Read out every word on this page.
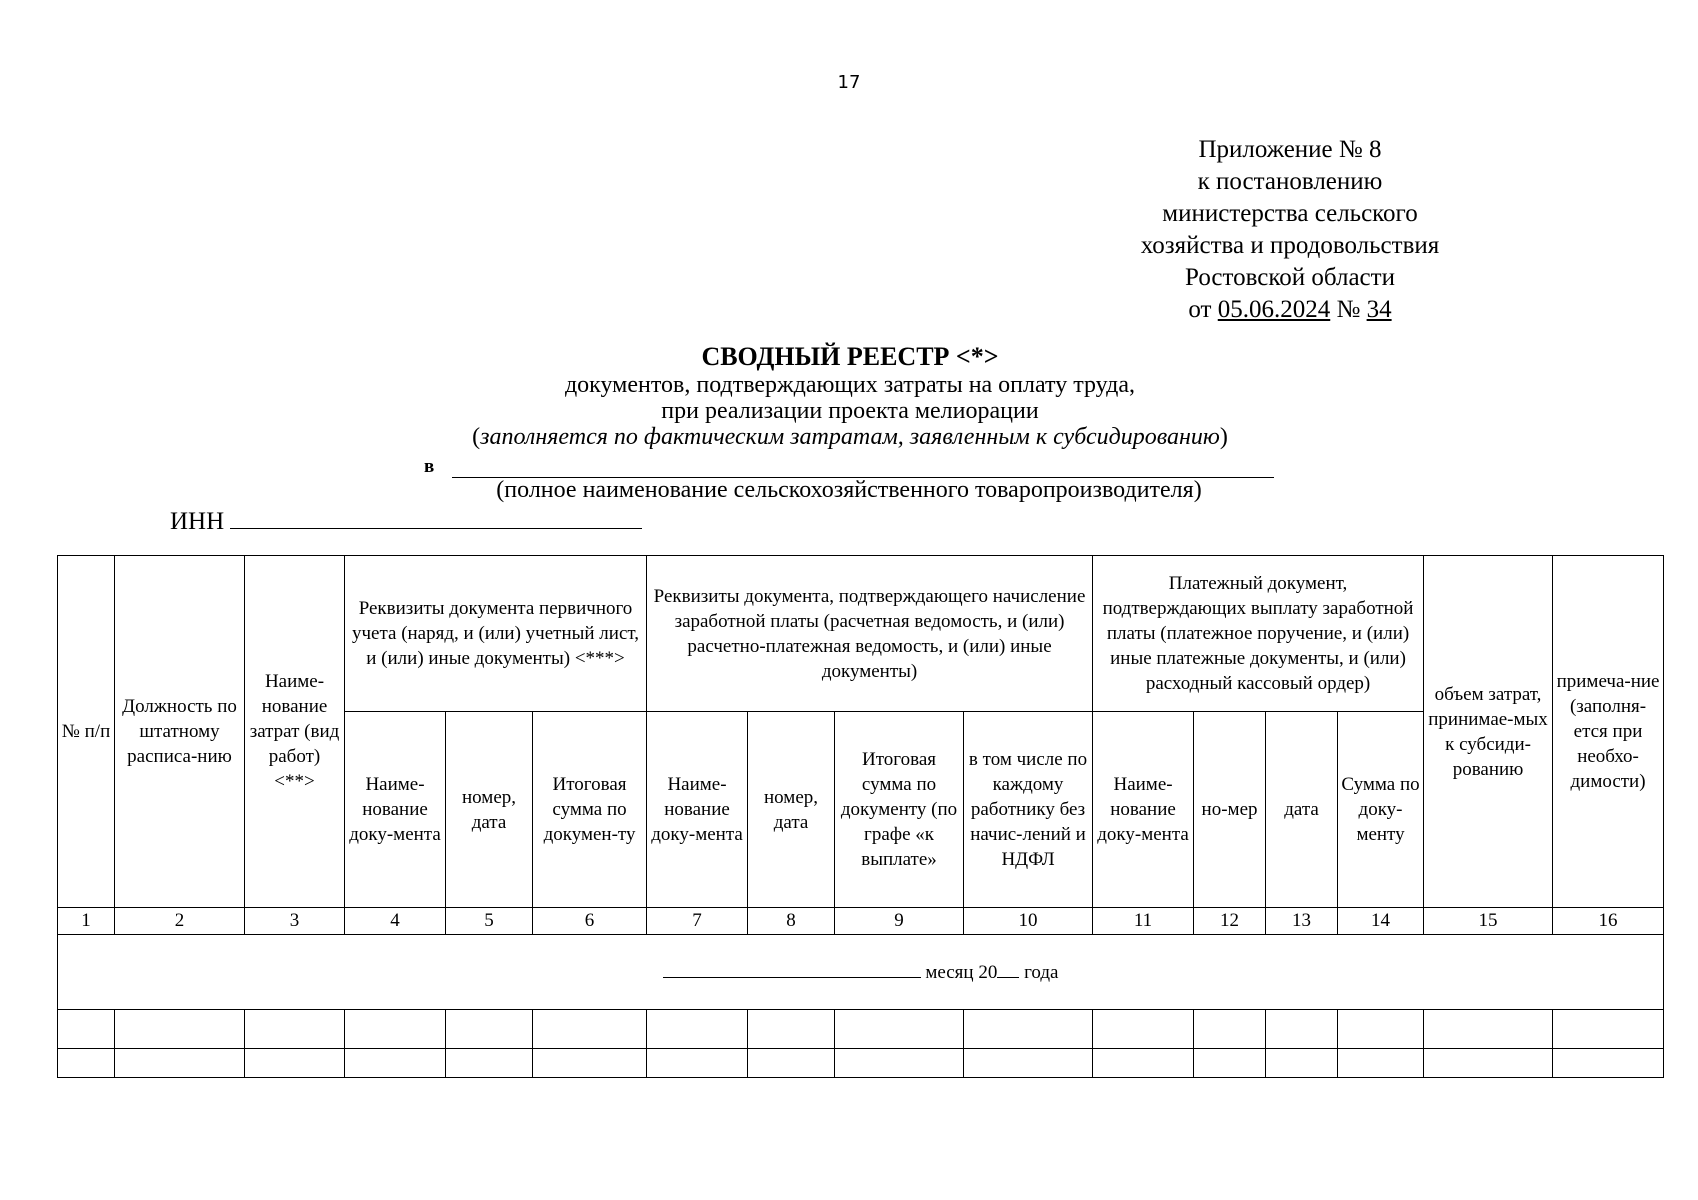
17
Приложение № 8
к постановлению
министерства сельского
хозяйства и продовольствия
Ростовской области
от 05.06.2024 № 34
СВОДНЫЙ РЕЕСТР <*>
документов, подтверждающих затраты на оплату труда,
при реализации проекта мелиорации
(заполняется по фактическим затратам, заявленным к субсидированию)
в
(полное наименование сельскохозяйственного товаропроизводителя)
ИНН
№ п/п	Должность по штатному расписа-нию	Наиме-нование затрат (вид работ) <**>	Реквизиты документа первичного учета (наряд, и (или) учетный лист, и (или) иные документы) <***>			Реквизиты документа, подтверждающего начисление заработной платы (расчетная ведомость, и (или) расчетно-платежная ведомость, и (или) иные документы)				Платежный документ, подтверждающих выплату заработной платы (платежное поручение, и (или) иные платежные документы, и (или) расходный кассовый ордер)				объем затрат, принимае-мых к субсиди-рованию	примеча-ние (заполня-ется при необхо-димости)
			Наиме-нование доку-мента	номер, дата	Итоговая сумма по докумен-ту	Наиме-нование доку-мента	номер, дата	Итоговая сумма по документу (по графе «к выплате»	в том числе по каждому работнику без начис-лений и НДФЛ	Наиме-нование доку-мента	но-мер	дата	Сумма по доку-менту		
1	2	3	4	5	6	7	8	9	10	11	12	13	14	15	16
месяц 20 года															
